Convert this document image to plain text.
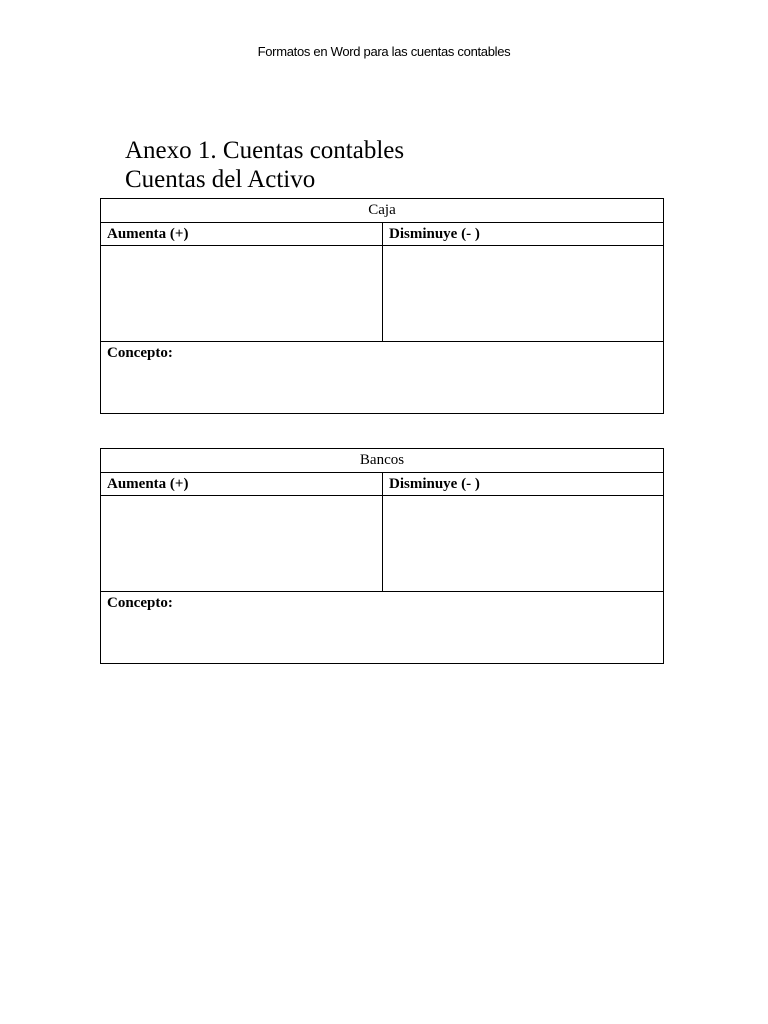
Formatos en Word para las cuentas contables
Anexo 1. Cuentas contables
Cuentas del Activo
Caja	
Aumenta (+)	Disminuye (- )

Concepto:	
Bancos	
Aumenta (+)	Disminuye (- )

Concepto:	
